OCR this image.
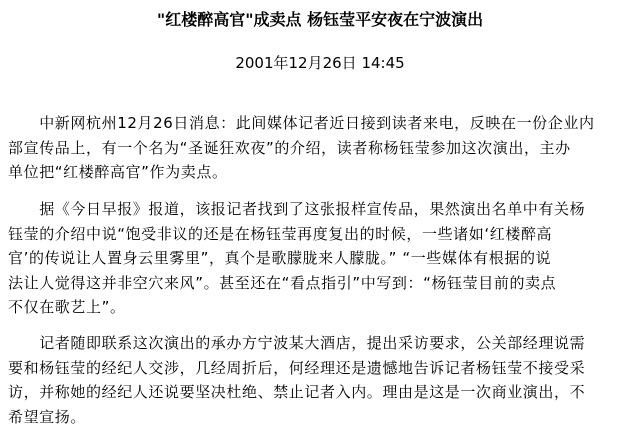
"红楼醉高官"成卖点 杨钰莹平安夜在宁波演出
2001年12月26日 14:45

　　中新网杭州12月26日消息：此间媒体记者近日接到读者来电，反映在一份企业内
部宣传品上，有一个名为“圣诞狂欢夜”的介绍，读者称杨钰莹参加这次演出，主办
单位把“红楼醉高官”作为卖点。

　　据《今日早报》报道，该报记者找到了这张报样宣传品，果然演出名单中有关杨
钰莹的介绍中说“饱受非议的还是在杨钰莹再度复出的时候，一些诸如‘红楼醉高
官’的传说让人置身云里雾里”，真个是歌朦胧来人朦胧。” “一些媒体有根据的说
法让人觉得这并非空穴来风”。甚至还在“看点指引”中写到：“杨钰莹目前的卖点
不仅在歌艺上”。

　　记者随即联系这次演出的承办方宁波某大酒店，提出采访要求，公关部经理说需
要和杨钰莹的经纪人交涉，几经周折后，何经理还是遗憾地告诉记者杨钰莹不接受采
访，并称她的经纪人还说要坚决杜绝、禁止记者入内。理由是这是一次商业演出，不
希望宣扬。
